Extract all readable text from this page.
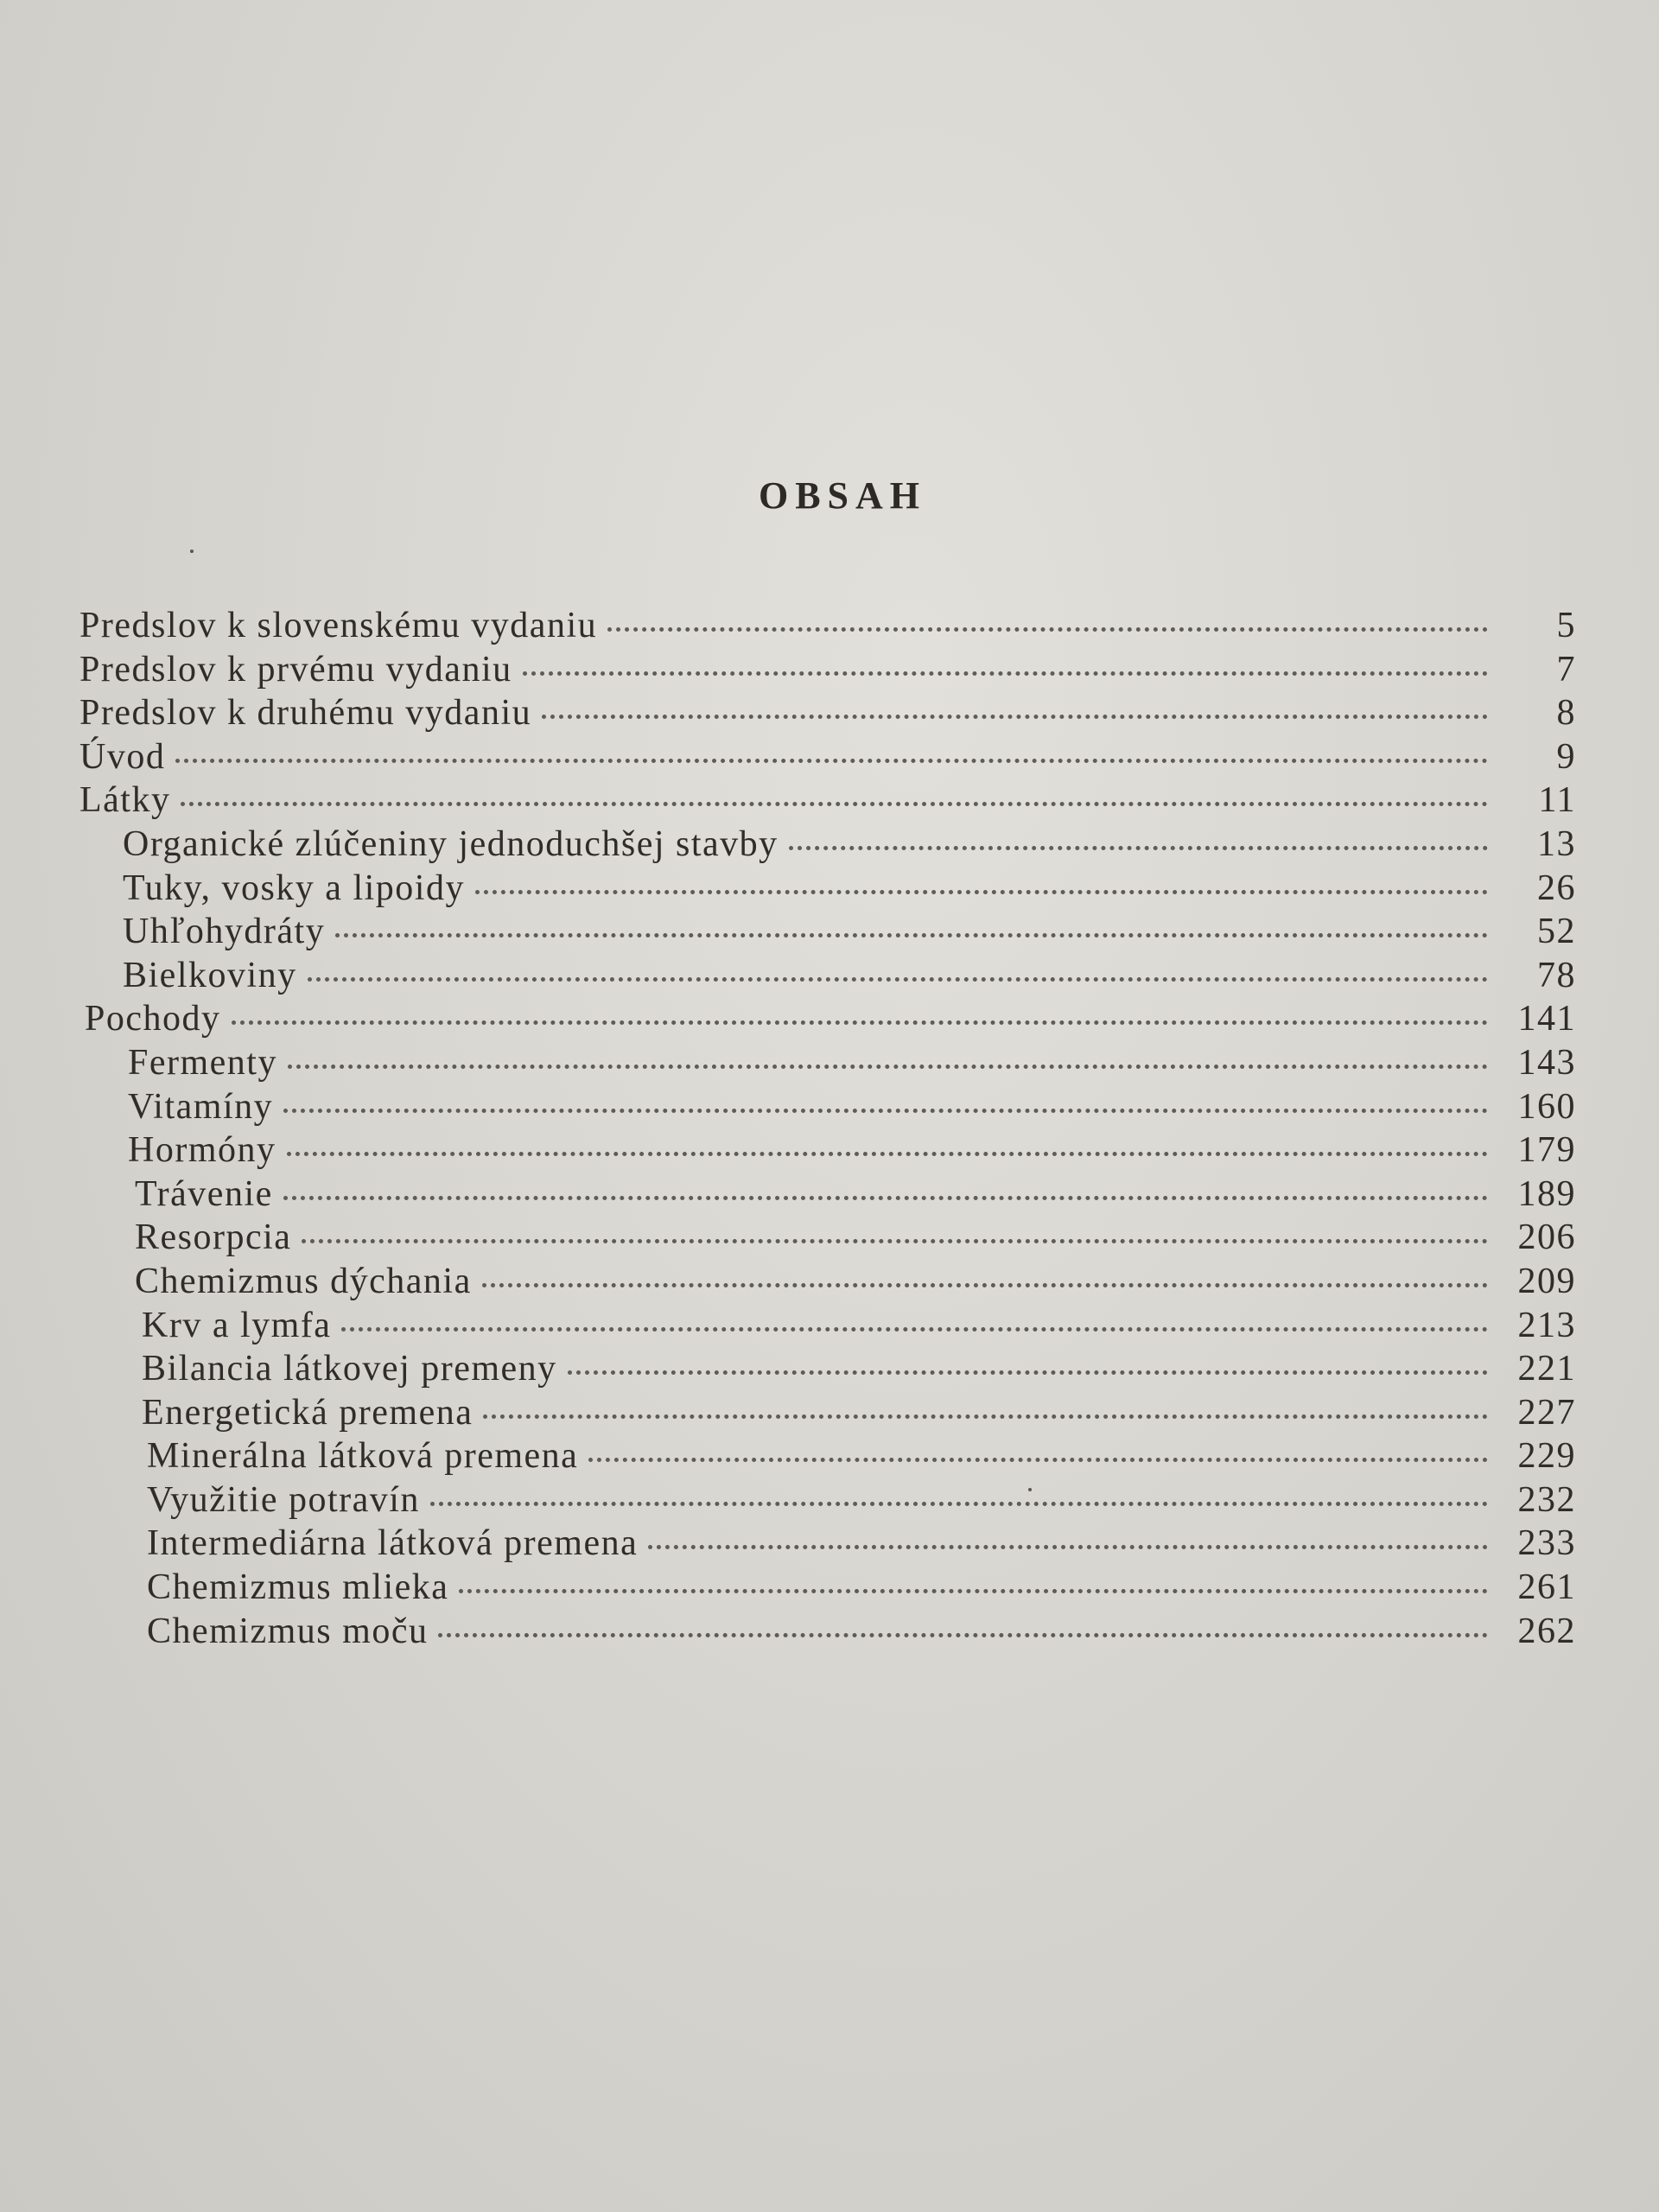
OBSAH
Predslov k slovenskému vydaniu	5
Predslov k prvému vydaniu	7
Predslov k druhému vydaniu	8
Úvod	9
Látky	11
Organické zlúčeniny jednoduchšej stavby	13
Tuky, vosky a lipoidy	26
Uhľohydráty	52
Bielkoviny	78
Pochody	141
Fermenty	143
Vitamíny	160
Hormóny	179
Trávenie	189
Resorpcia	206
Chemizmus dýchania	209
Krv a lymfa	213
Bilancia látkovej premeny	221
Energetická premena	227
Minerálna látková premena	229
Využitie potravín	232
Intermediárna látková premena	233
Chemizmus mlieka	261
Chemizmus moču	262
